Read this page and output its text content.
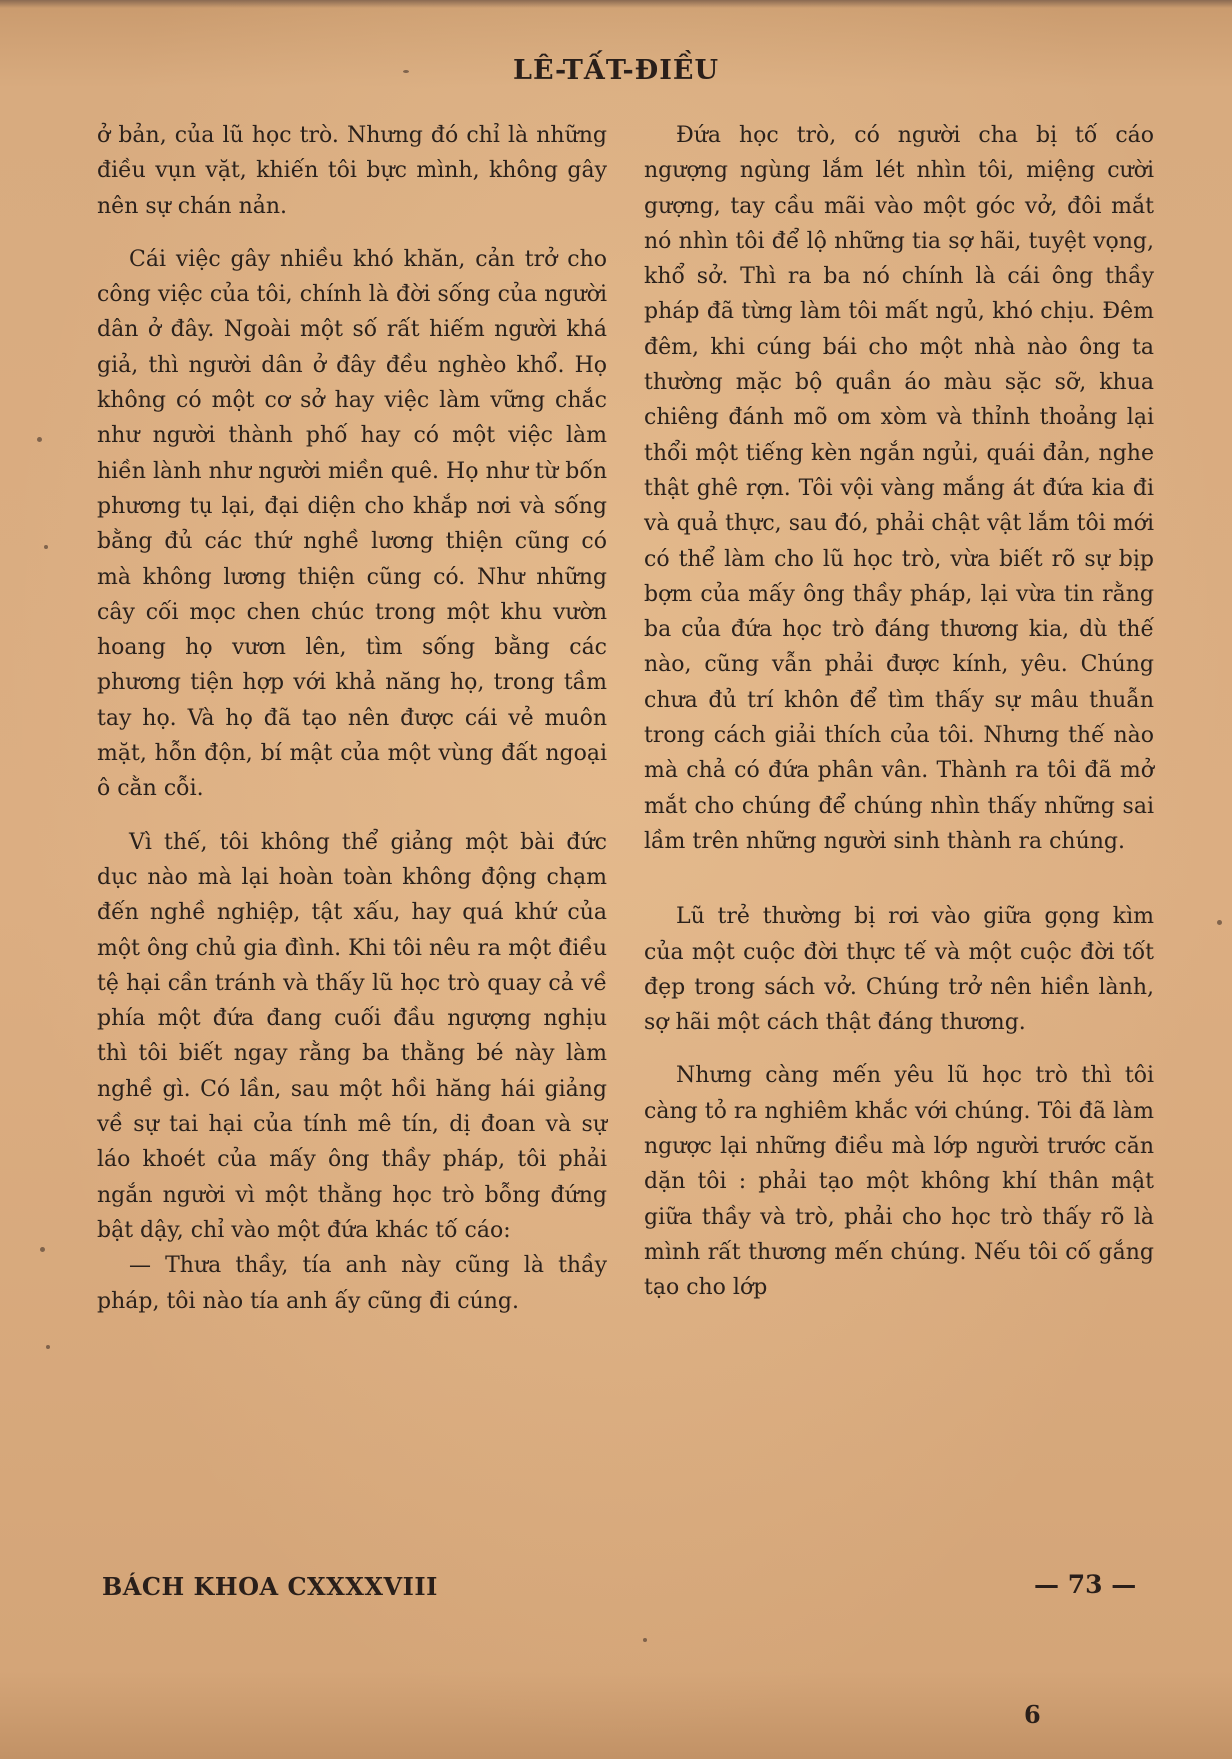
LÊ-TẤT-ĐIỀU

ở bản, của lũ học trò. Nhưng đó chỉ là những điều vụn vặt, khiến tôi bực mình, không gây nên sự chán nản.

Cái việc gây nhiều khó khăn, cản trở cho công việc của tôi, chính là đời sống của người dân ở đây. Ngoài một số rất hiếm người khá giả, thì người dân ở đây đều nghèo khổ. Họ không có một cơ sở hay việc làm vững chắc như người thành phố hay có một việc làm hiền lành như người miền quê. Họ như từ bốn phương tụ lại, đại diện cho khắp nơi và sống bằng đủ các thứ nghề lương thiện cũng có mà không lương thiện cũng có. Như những cây cối mọc chen chúc trong một khu vườn hoang họ vươn lên, tìm sống bằng các phương tiện hợp với khả năng họ, trong tầm tay họ. Và họ đã tạo nên được cái vẻ muôn mặt, hỗn độn, bí mật của một vùng đất ngoại ô cằn cỗi.

Vì thế, tôi không thể giảng một bài đức dục nào mà lại hoàn toàn không động chạm đến nghề nghiệp, tật xấu, hay quá khứ của một ông chủ gia đình. Khi tôi nêu ra một điều tệ hại cần tránh và thấy lũ học trò quay cả về phía một đứa đang cuối đầu ngượng nghịu thì tôi biết ngay rằng ba thằng bé này làm nghề gì. Có lần, sau một hồi hăng hái giảng về sự tai hại của tính mê tín, dị đoan và sự láo khoét của mấy ông thầy pháp, tôi phải ngắn người vì một thằng học trò bỗng đứng bật dậy, chỉ vào một đứa khác tố cáo:

— Thưa thầy, tía anh này cũng là thầy pháp, tôi nào tía anh ấy cũng đi cúng.

Đứa học trò, có người cha bị tố cáo ngượng ngùng lắm lét nhìn tôi, miệng cười gượng, tay cầu mãi vào một góc vở, đôi mắt nó nhìn tôi để lộ những tia sợ hãi, tuyệt vọng, khổ sở. Thì ra ba nó chính là cái ông thầy pháp đã từng làm tôi mất ngủ, khó chịu. Đêm đêm, khi cúng bái cho một nhà nào ông ta thường mặc bộ quần áo màu sặc sỡ, khua chiêng đánh mõ om xòm và thỉnh thoảng lại thổi một tiếng kèn ngắn ngủi, quái đản, nghe thật ghê rợn. Tôi vội vàng mắng át đứa kia đi và quả thực, sau đó, phải chật vật lắm tôi mới có thể làm cho lũ học trò, vừa biết rõ sự bịp bợm của mấy ông thầy pháp, lại vừa tin rằng ba của đứa học trò đáng thương kia, dù thế nào, cũng vẫn phải được kính, yêu. Chúng chưa đủ trí khôn để tìm thấy sự mâu thuẫn trong cách giải thích của tôi. Nhưng thế nào mà chả có đứa phân vân. Thành ra tôi đã mở mắt cho chúng để chúng nhìn thấy những sai lầm trên những người sinh thành ra chúng.

Lũ trẻ thường bị rơi vào giữa gọng kìm của một cuộc đời thực tế và một cuộc đời tốt đẹp trong sách vở. Chúng trở nên hiền lành, sợ hãi một cách thật đáng thương.

Nhưng càng mến yêu lũ học trò thì tôi càng tỏ ra nghiêm khắc với chúng. Tôi đã làm ngược lại những điều mà lớp người trước căn dặn tôi : phải tạo một không khí thân mật giữa thầy và trò, phải cho học trò thấy rõ là mình rất thương mến chúng. Nếu tôi cố gắng tạo cho lớp

BÁCH KHOA CXXXXVIII	— 73 —
6
